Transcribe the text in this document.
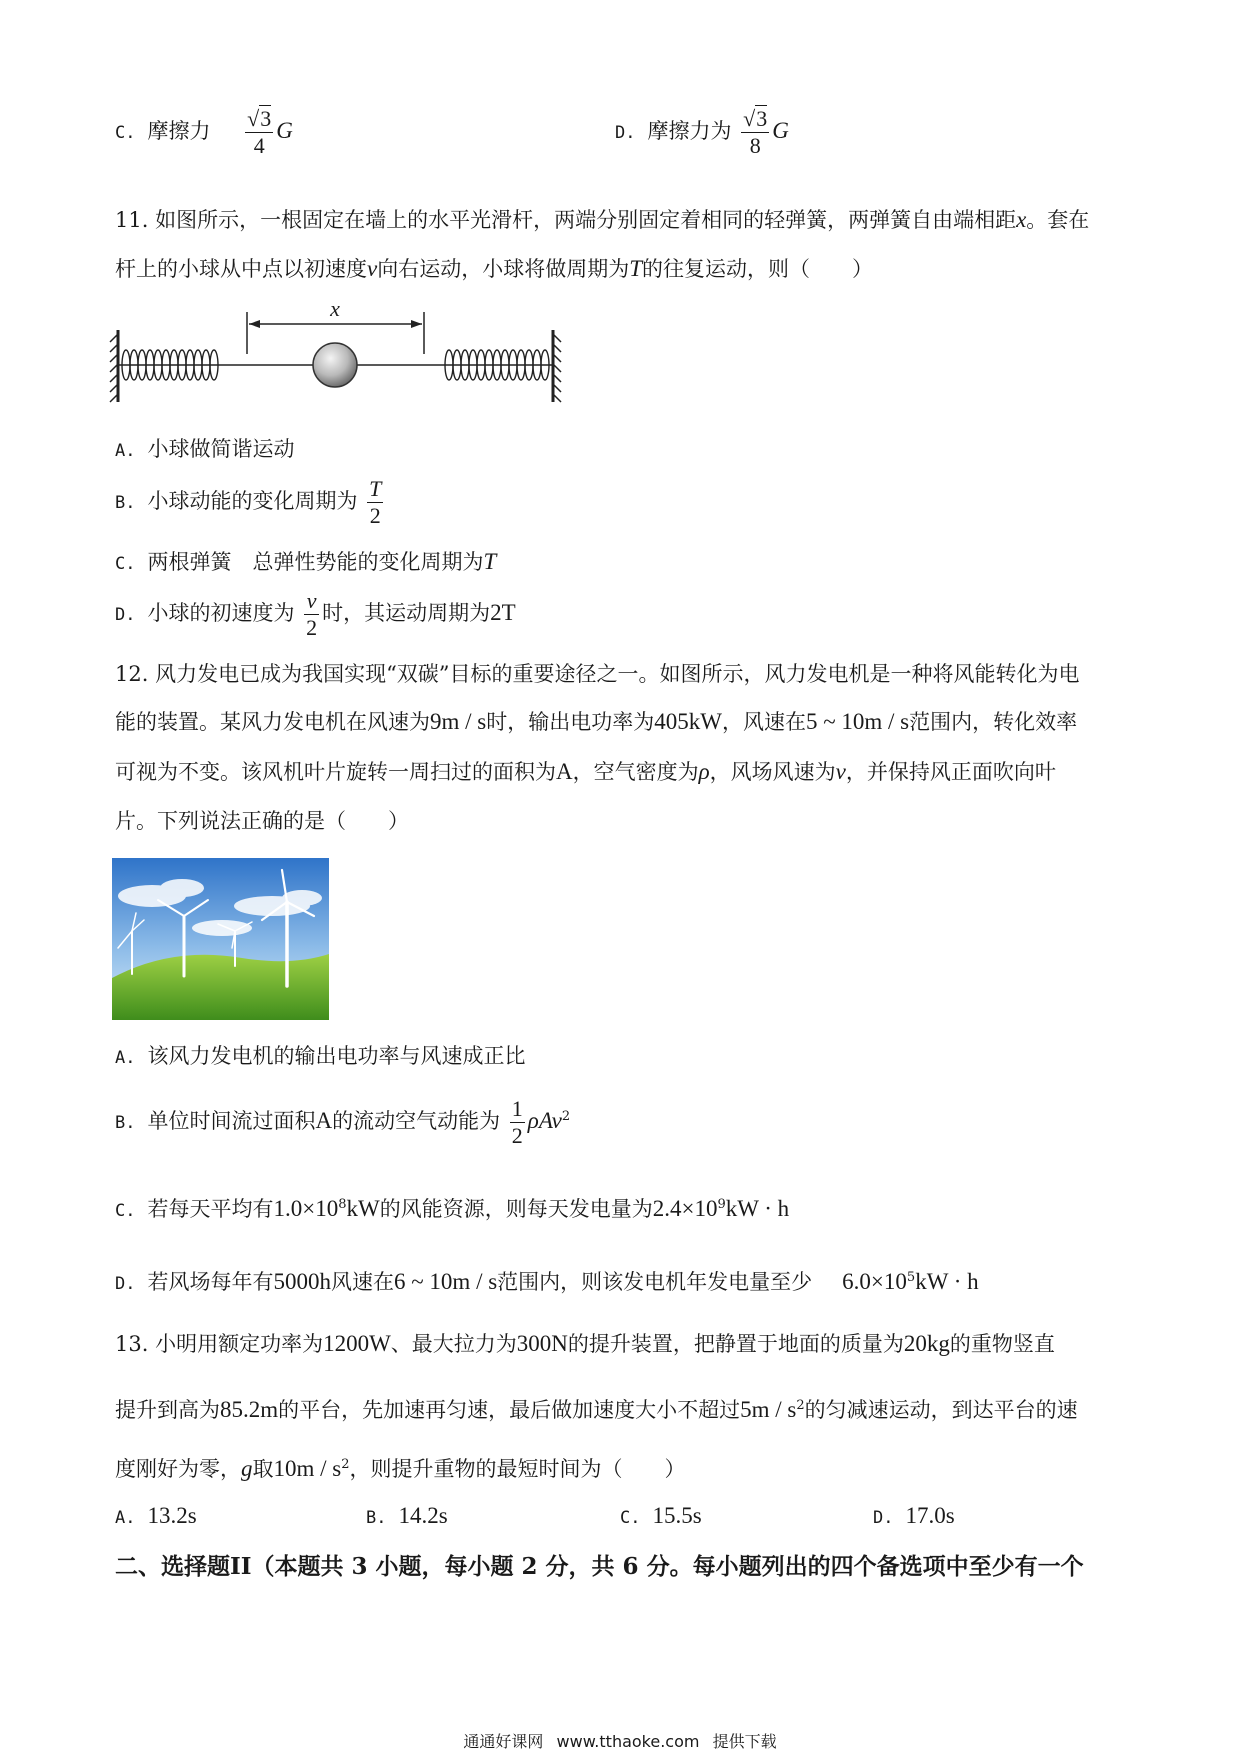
C. 摩擦力 $\frac{√3}{4}$ G	D. 摩擦力为 $\frac{√3}{8}$ G
11. 如图所示，一根固定在墙上的水平光滑杆，两端分别固定着相同的轻弹簧，两弹簧自由端相距x。套在
杆上的小球从中点以初速度v向右运动，小球将做周期为T的往复运动，则（　　）
x
A. 小球做简谐运动
B. 小球动能的变化周期为 $\frac{T}{2}$
C. 两根弹簧　总弹性势能的变化周期为T
D. 小球的初速度为 $\frac{v}{2}$ 时，其运动周期为2T
12. 风力发电已成为我国实现“双碳”目标的重要途径之一。如图所示，风力发电机是一种将风能转化为电
能的装置。某风力发电机在风速为9m / s时，输出电功率为405kW，风速在5 ~ 10m / s范围内，转化效率
可视为不变。该风机叶片旋转一周扫过的面积为A，空气密度为ρ，风场风速为v，并保持风正面吹向叶
片。下列说法正确的是（　　）
A. 该风力发电机的输出电功率与风速成正比
B. 单位时间流过面积A的流动空气动能为 $\frac{1}{2} \rho Av^2$
C. 若每天平均有$1.0\times 10^8kW$的风能资源，则每天发电量为$2.4\times 10^9kW \cdot h$
D. 若风场每年有5000h风速在6 ~ 10m / s范围内，则该发电机年发电量至少 $6.0\times 10^5kW \cdot h$
13. 小明用额定功率为1200W、最大拉力为300N的提升装置，把静置于地面的质量为20kg的重物竖直
提升到高为85.2m的平台，先加速再匀速，最后做加速度大小不超过$5m / s^2$的匀减速运动，到达平台的速
度刚好为零，g取$10m / s^2$，则提升重物的最短时间为（　　）
A. 13.2s	B. 14.2s	C. 15.5s	D. 17.0s
二、选择题II（本题共 3 小题，每小题 2 分，共 6 分。每小题列出的四个备选项中至少有一个
通通好课网 www.tthaoke.com 提供下载
